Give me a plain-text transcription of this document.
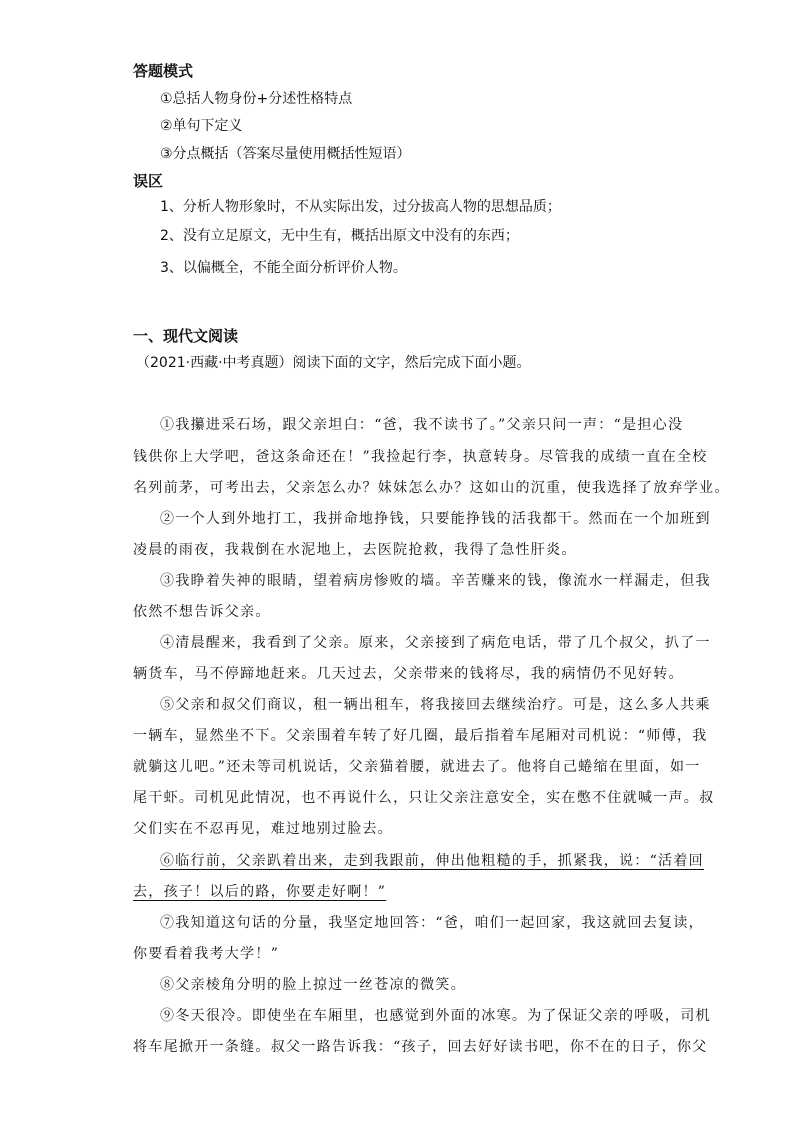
答题模式
①总括人物身份+分述性格特点
②单句下定义
③分点概括（答案尽量使用概括性短语）
误区
1、分析人物形象时，不从实际出发，过分拔高人物的思想品质；
2、没有立足原文，无中生有，概括出原文中没有的东西；
3、以偏概全，不能全面分析评价人物。
一、现代文阅读
（2021·西藏·中考真题）阅读下面的文字，然后完成下面小题。
①我攥进采石场，跟父亲坦白：“爸，我不读书了。”父亲只问一声：“是担心没
钱供你上大学吧，爸这条命还在！”我捡起行李，执意转身。尽管我的成绩一直在全校
名列前茅，可考出去，父亲怎么办？妹妹怎么办？这如山的沉重，使我选择了放弃学业。
②一个人到外地打工，我拼命地挣钱，只要能挣钱的活我都干。然而在一个加班到
凌晨的雨夜，我栽倒在水泥地上，去医院抢救，我得了急性肝炎。
③我睁着失神的眼睛，望着病房惨败的墙。辛苦赚来的钱，像流水一样漏走，但我
依然不想告诉父亲。
④清晨醒来，我看到了父亲。原来，父亲接到了病危电话，带了几个叔父，扒了一
辆货车，马不停蹄地赶来。几天过去，父亲带来的钱将尽，我的病情仍不见好转。
⑤父亲和叔父们商议，租一辆出租车，将我接回去继续治疗。可是，这么多人共乘
一辆车，显然坐不下。父亲围着车转了好几圈，最后指着车尾厢对司机说：“师傅，我
就躺这儿吧。”还未等司机说话，父亲猫着腰，就进去了。他将自己蜷缩在里面，如一
尾干虾。司机见此情况，也不再说什么，只让父亲注意安全，实在憋不住就喊一声。叔
父们实在不忍再见，难过地别过脸去。
⑥临行前，父亲趴着出来，走到我跟前，伸出他粗糙的手，抓紧我，说：“活着回
去，孩子！以后的路，你要走好啊！”
⑦我知道这句话的分量，我坚定地回答：“爸，咱们一起回家，我这就回去复读，
你要看着我考大学！”
⑧父亲棱角分明的脸上掠过一丝苍凉的微笑。
⑨冬天很冷。即使坐在车厢里，也感觉到外面的冰寒。为了保证父亲的呼吸，司机
将车尾掀开一条缝。叔父一路告诉我：“孩子，回去好好读书吧，你不在的日子，你父
